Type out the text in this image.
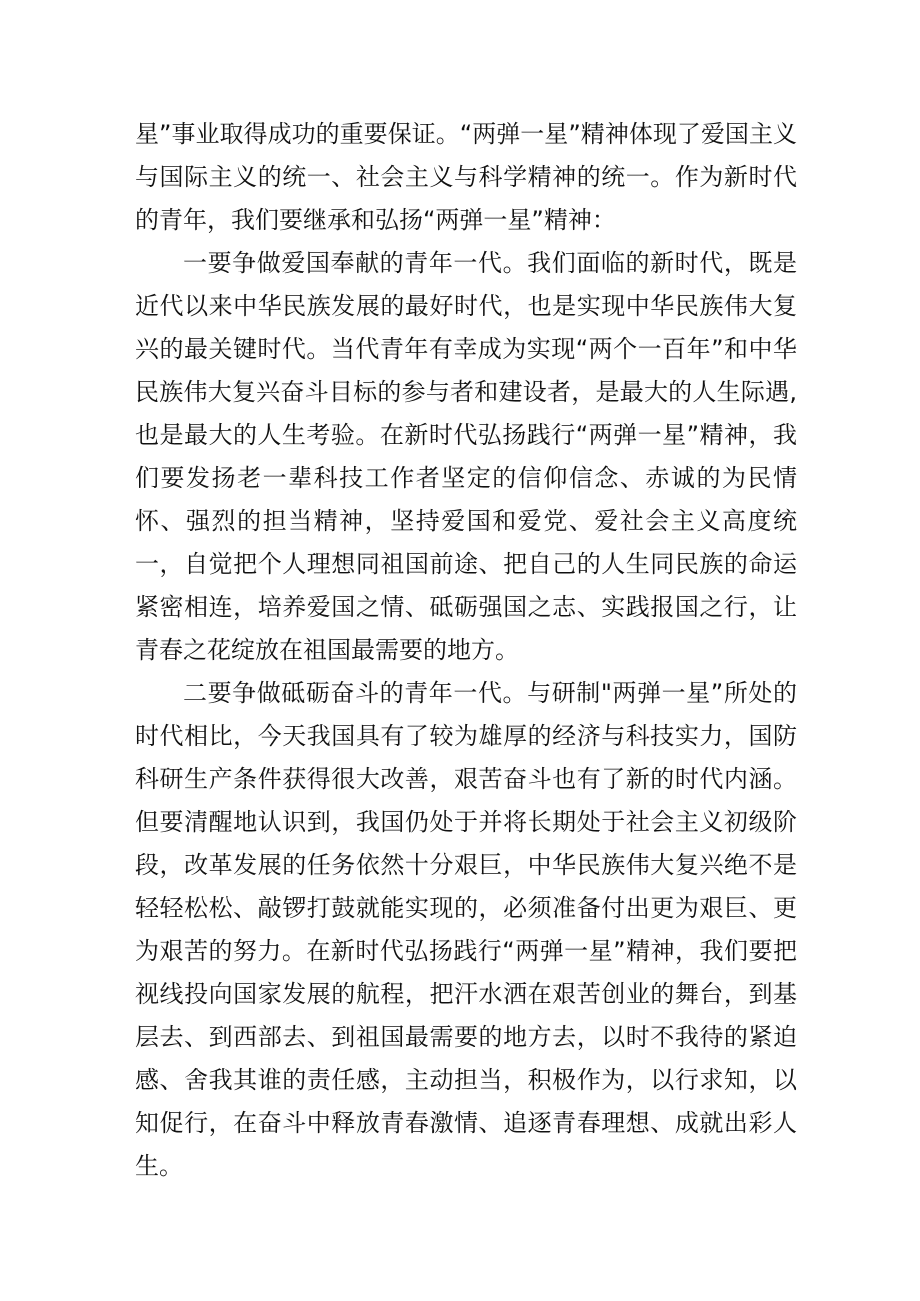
星”事业取得成功的重要保证。“两弹一星”精神体现了爱国主义与国际主义的统一、社会主义与科学精神的统一。作为新时代的青年，我们要继承和弘扬“两弹一星”精神：

一要争做爱国奉献的青年一代。我们面临的新时代，既是近代以来中华民族发展的最好时代，也是实现中华民族伟大复兴的最关键时代。当代青年有幸成为实现“两个一百年”和中华民族伟大复兴奋斗目标的参与者和建设者，是最大的人生际遇,也是最大的人生考验。在新时代弘扬践行“两弹一星”精神，我们要发扬老一辈科技工作者坚定的信仰信念、赤诚的为民情怀、强烈的担当精神，坚持爱国和爱党、爱社会主义高度统一，自觉把个人理想同祖国前途、把自己的人生同民族的命运紧密相连，培养爱国之情、砥砺强国之志、实践报国之行，让青春之花绽放在祖国最需要的地方。

二要争做砥砺奋斗的青年一代。与研制"两弹一星”所处的时代相比，今天我国具有了较为雄厚的经济与科技实力，国防科研生产条件获得很大改善，艰苦奋斗也有了新的时代内涵。但要清醒地认识到，我国仍处于并将长期处于社会主义初级阶段，改革发展的任务依然十分艰巨，中华民族伟大复兴绝不是轻轻松松、敲锣打鼓就能实现的，必须准备付出更为艰巨、更为艰苦的努力。在新时代弘扬践行“两弹一星”精神，我们要把视线投向国家发展的航程，把汗水洒在艰苦创业的舞台，到基层去、到西部去、到祖国最需要的地方去，以时不我待的紧迫感、舍我其谁的责任感，主动担当，积极作为，以行求知，以知促行，在奋斗中释放青春激情、追逐青春理想、成就出彩人生。
